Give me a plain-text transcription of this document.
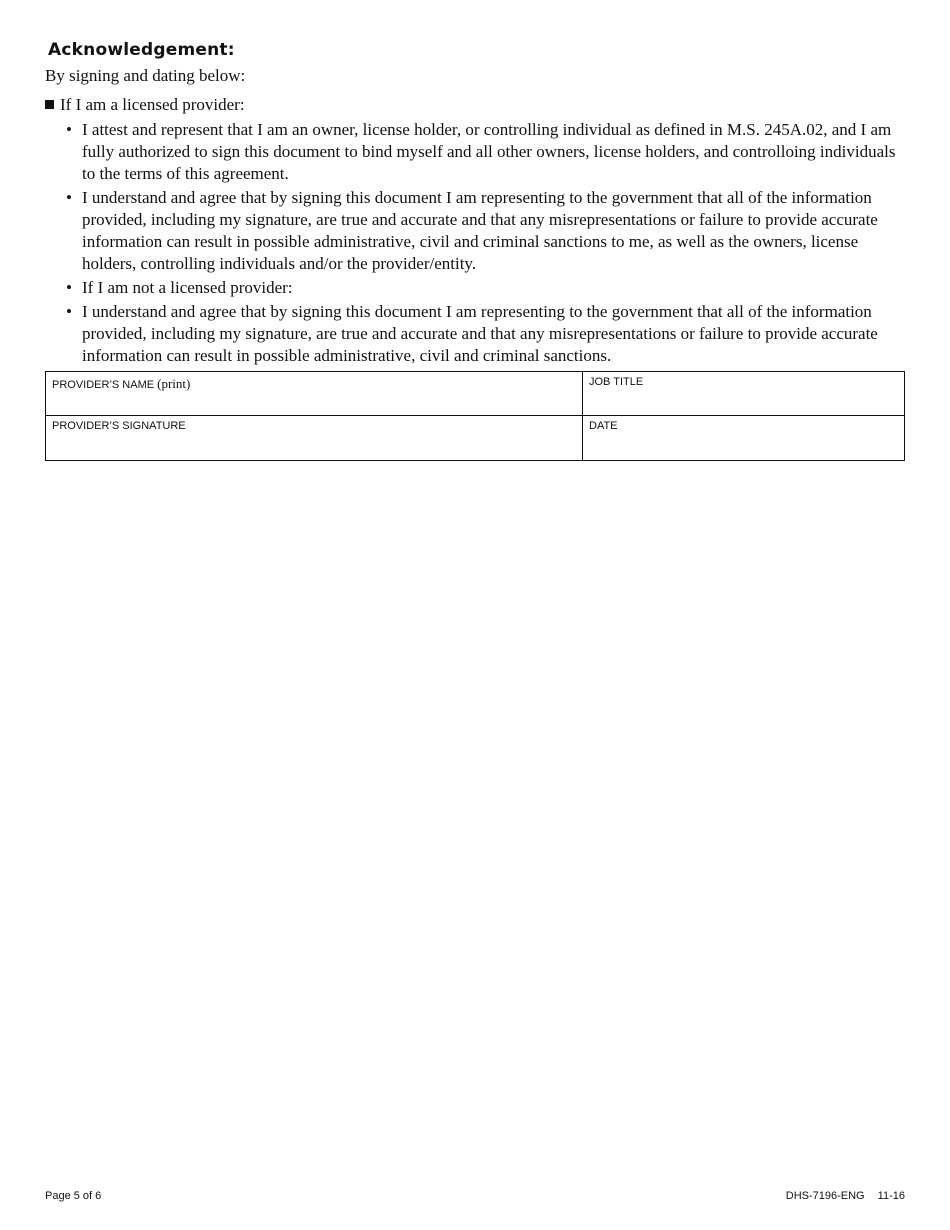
Acknowledgement:

By signing and dating below:

If I am a licensed provider:

• I attest and represent that I am an owner, license holder, or controlling individual as defined in M.S. 245A.02, and I am fully authorized to sign this document to bind myself and all other owners, license holders, and controlloing individuals to the terms of this agreement.
• I understand and agree that by signing this document I am representing to the government that all of the information provided, including my signature, are true and accurate and that any misrepresentations or failure to provide accurate information can result in possible administrative, civil and criminal sanctions to me, as well as the owners, license holders, controlling individuals and/or the provider/entity.
• If I am not a licensed provider:
• I understand and agree that by signing this document I am representing to the government that all of the information provided, including my signature, are true and accurate and that any misrepresentations or failure to provide accurate information can result in possible administrative, civil and criminal sanctions.
PROVIDER’S NAME (print)	JOB TITLE
PROVIDER’S SIGNATURE	DATE
Page 5 of 6	DHS-7196-ENG 11-16
